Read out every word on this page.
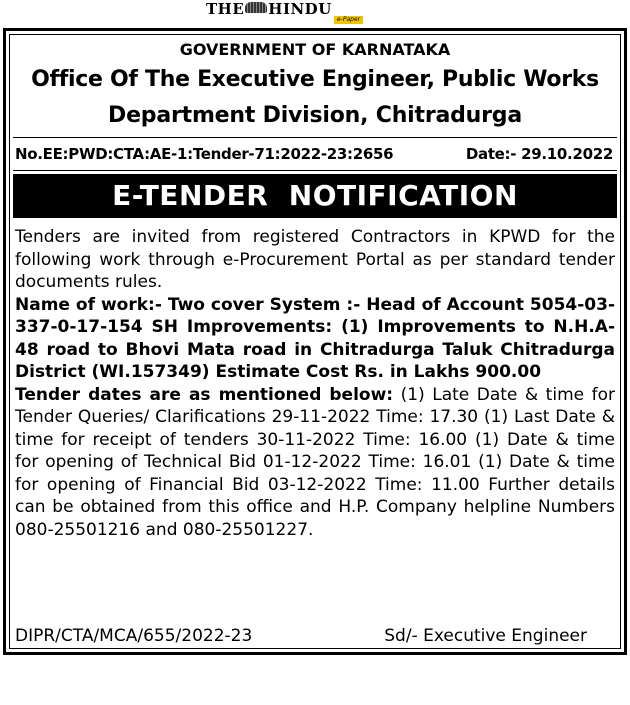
THE HINDU
e-Paper
GOVERNMENT OF KARNATAKA
Office Of The Executive Engineer, Public Works
Department Division, Chitradurga
No.EE:PWD:CTA:AE-1:Tender-71:2022-23:2656	Date:- 29.10.2022
E-TENDER  NOTIFICATION

Tenders are invited from registered Contractors in KPWD for the following work through e-Procurement Portal as per standard tender documents rules.

Name of work:- Two cover System :- Head of Account 5054-03-337-0-17-154 SH Improvements: (1) Improvements to N.H.A-48 road to Bhovi Mata road in Chitradurga Taluk Chitradurga District (WI.157349) Estimate Cost Rs. in Lakhs 900.00

Tender dates are as mentioned below: (1) Late Date & time for Tender Queries/ Clarifications 29-11-2022 Time: 17.30 (1) Last Date & time for receipt of tenders 30-11-2022 Time: 16.00 (1) Date & time for opening of Technical Bid 01-12-2022 Time: 16.01 (1) Date & time for opening of Financial Bid 03-12-2022 Time: 11.00 Further details can be obtained from this office and H.P. Company helpline Numbers 080-25501216 and 080-25501227.

DIPR/CTA/MCA/655/2022-23	Sd/- Executive Engineer
